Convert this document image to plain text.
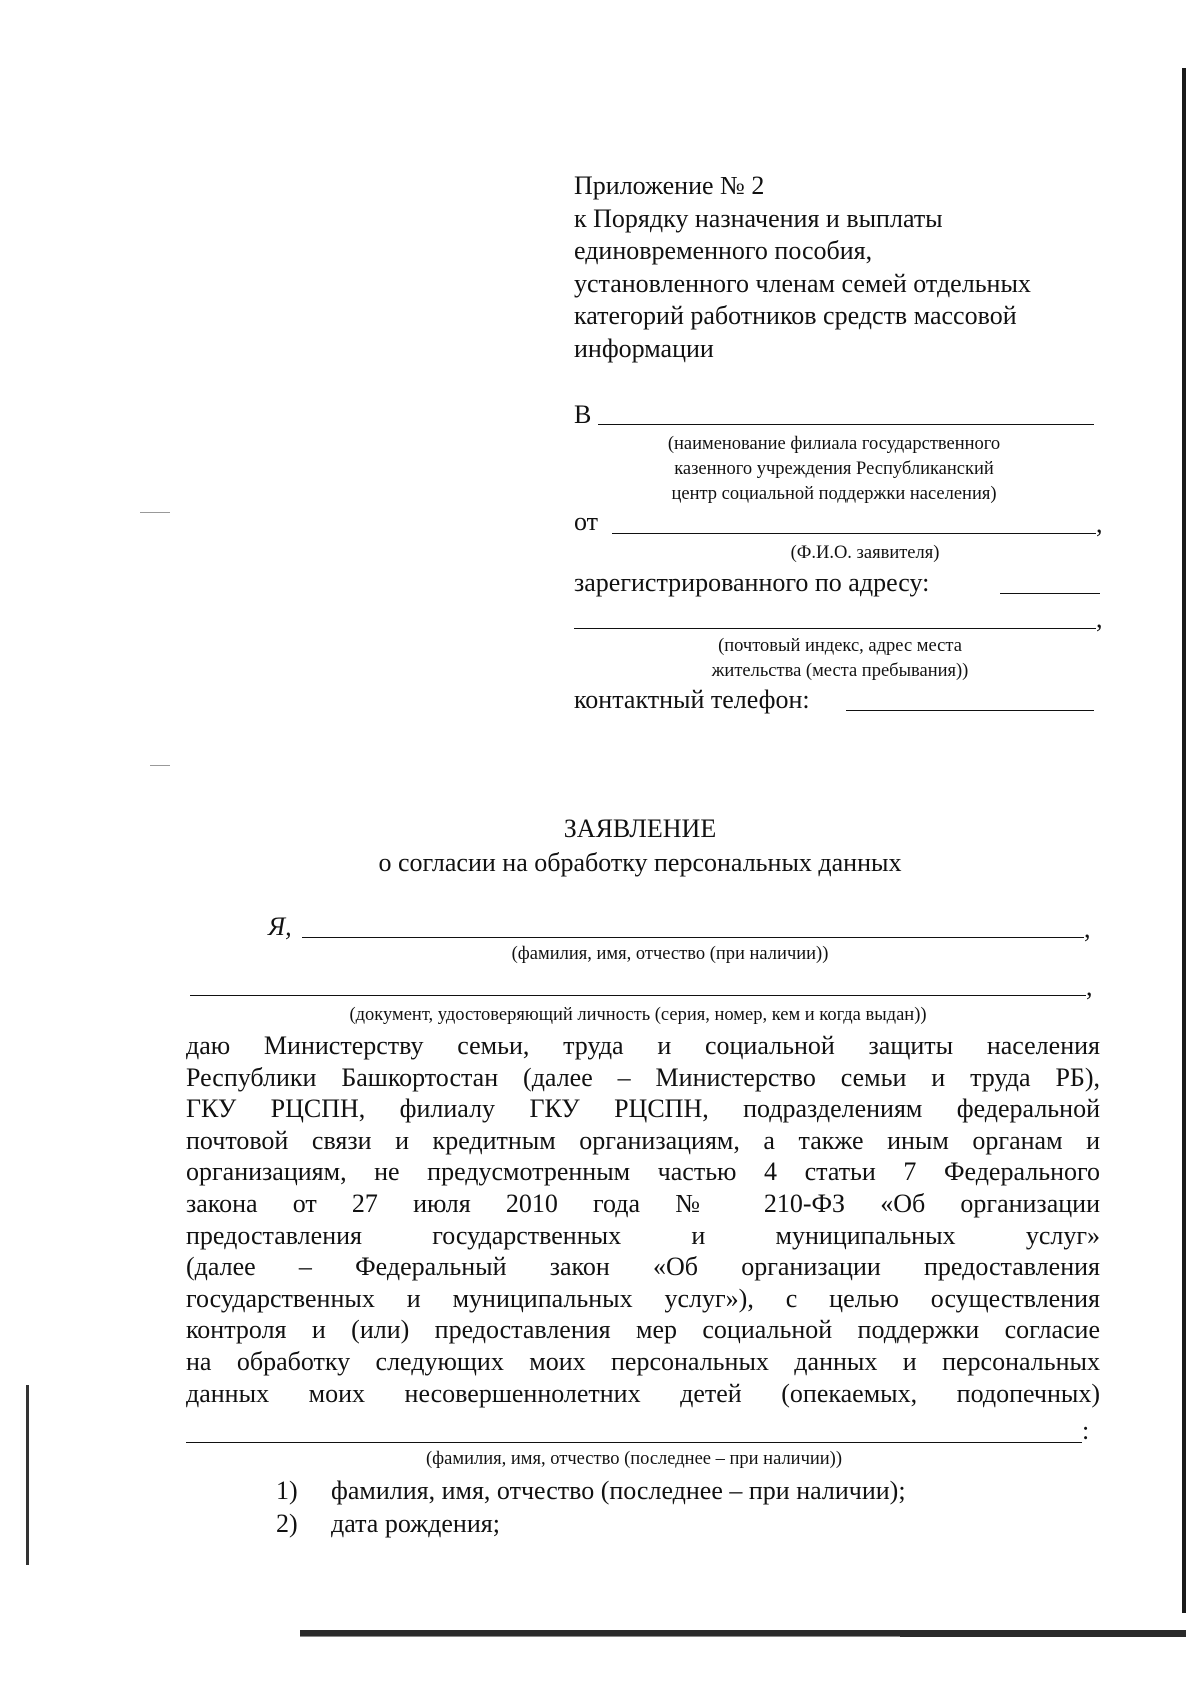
Приложение № 2
к Порядку назначения и выплаты
единовременного пособия,
установленного членам семей отдельных
категорий работников средств массовой
информации
В
(наименование филиала государственного
казенного учреждения Республиканский
центр социальной поддержки населения)
от	,
(Ф.И.О. заявителя)
зарегистрированного по адресу:
,
(почтовый индекс, адрес места
жительства (места пребывания))
контактный телефон:
ЗАЯВЛЕНИЕ
о согласии на обработку персональных данных
Я,	,
(фамилия, имя, отчество (при наличии))
,
(документ, удостоверяющий личность (серия, номер, кем и когда выдан))
даю Министерству семьи, труда и социальной защиты населения
Республики Башкортостан (далее – Министерство семьи и труда РБ),
ГКУ РЦСПН, филиалу ГКУ РЦСПН, подразделениям федеральной
почтовой связи и кредитным организациям, а также иным органам и
организациям, не предусмотренным частью 4 статьи 7 Федерального
закона от 27 июля 2010 года № 210-ФЗ «Об организации
предоставления государственных и муниципальных услуг»
(далее – Федеральный закон «Об организации предоставления
государственных и муниципальных услуг»), с целью осуществления
контроля и (или) предоставления мер социальной поддержки согласие
на обработку следующих моих персональных данных и персональных
данных моих несовершеннолетних детей (опекаемых, подопечных)
:
(фамилия, имя, отчество (последнее – при наличии))
1) фамилия, имя, отчество (последнее – при наличии);
2) дата рождения;
